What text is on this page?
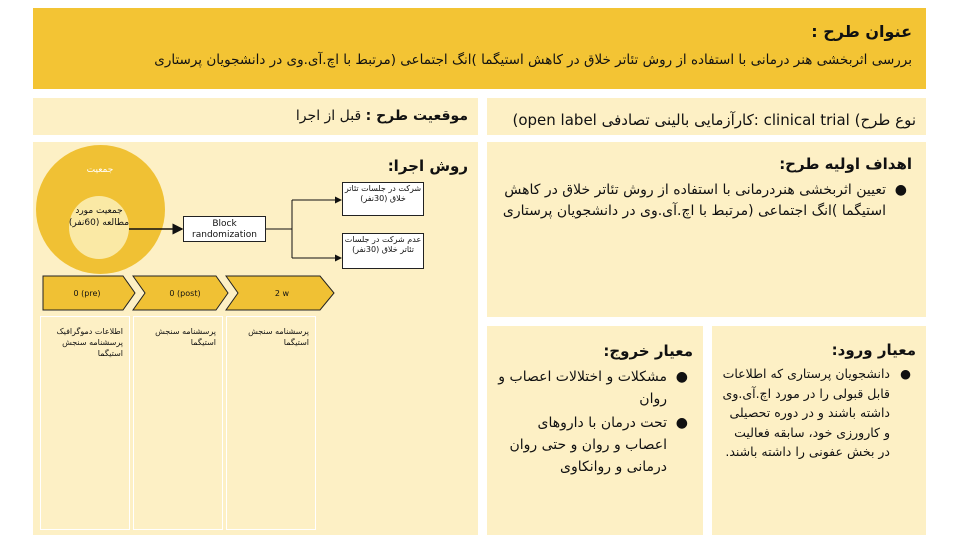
عنوان طرح :
بررسی اثربخشی هنر درمانی با استفاده از روش تئاتر خلاق در کاهش استیگما )انگ اجتماعی (مرتبط با اچ.آی.وی در دانشجویان پرستاری
موقعیت طرح : قبل از اجرا	نوع طرح) clinical trial :کارآزمایی بالینی تصادفی open label)
روش اجرا:
جمعیت
جمعیت مورد مطالعه (60نفر)	Block randomization
شرکت در جلسات تئاتر خلاق (30نفر)
عدم شرکت در جلسات تئاتر خلاق (30نفر)
0 (pre)	0 (post)	2 w
اطلاعات دموگرافیک پرسشنامه سنجش استیگما
پرسشنامه سنجش استیگما
پرسشنامه سنجش استیگما
اهداف اولیه طرح:
●
تعیین اثربخشی هنردرمانی با استفاده از روش تئاتر خلاق در کاهش استیگما )انگ اجتماعی (مرتبط با اچ.آی.وی در دانشجویان پرستاری
معیار خروج:
●
مشکلات و اختلالات اعصاب و روان
●
تحت درمان با داروهای اعصاب و روان و حتی روان درمانی و روانکاوی
معیار ورود:
●
دانشجویان پرستاری که اطلاعات قابل قبولی را در مورد اچ.آی.وی داشته باشند و در دوره تحصیلی و کارورزی خود، سابقه فعالیت در بخش عفونی را داشته باشند.
